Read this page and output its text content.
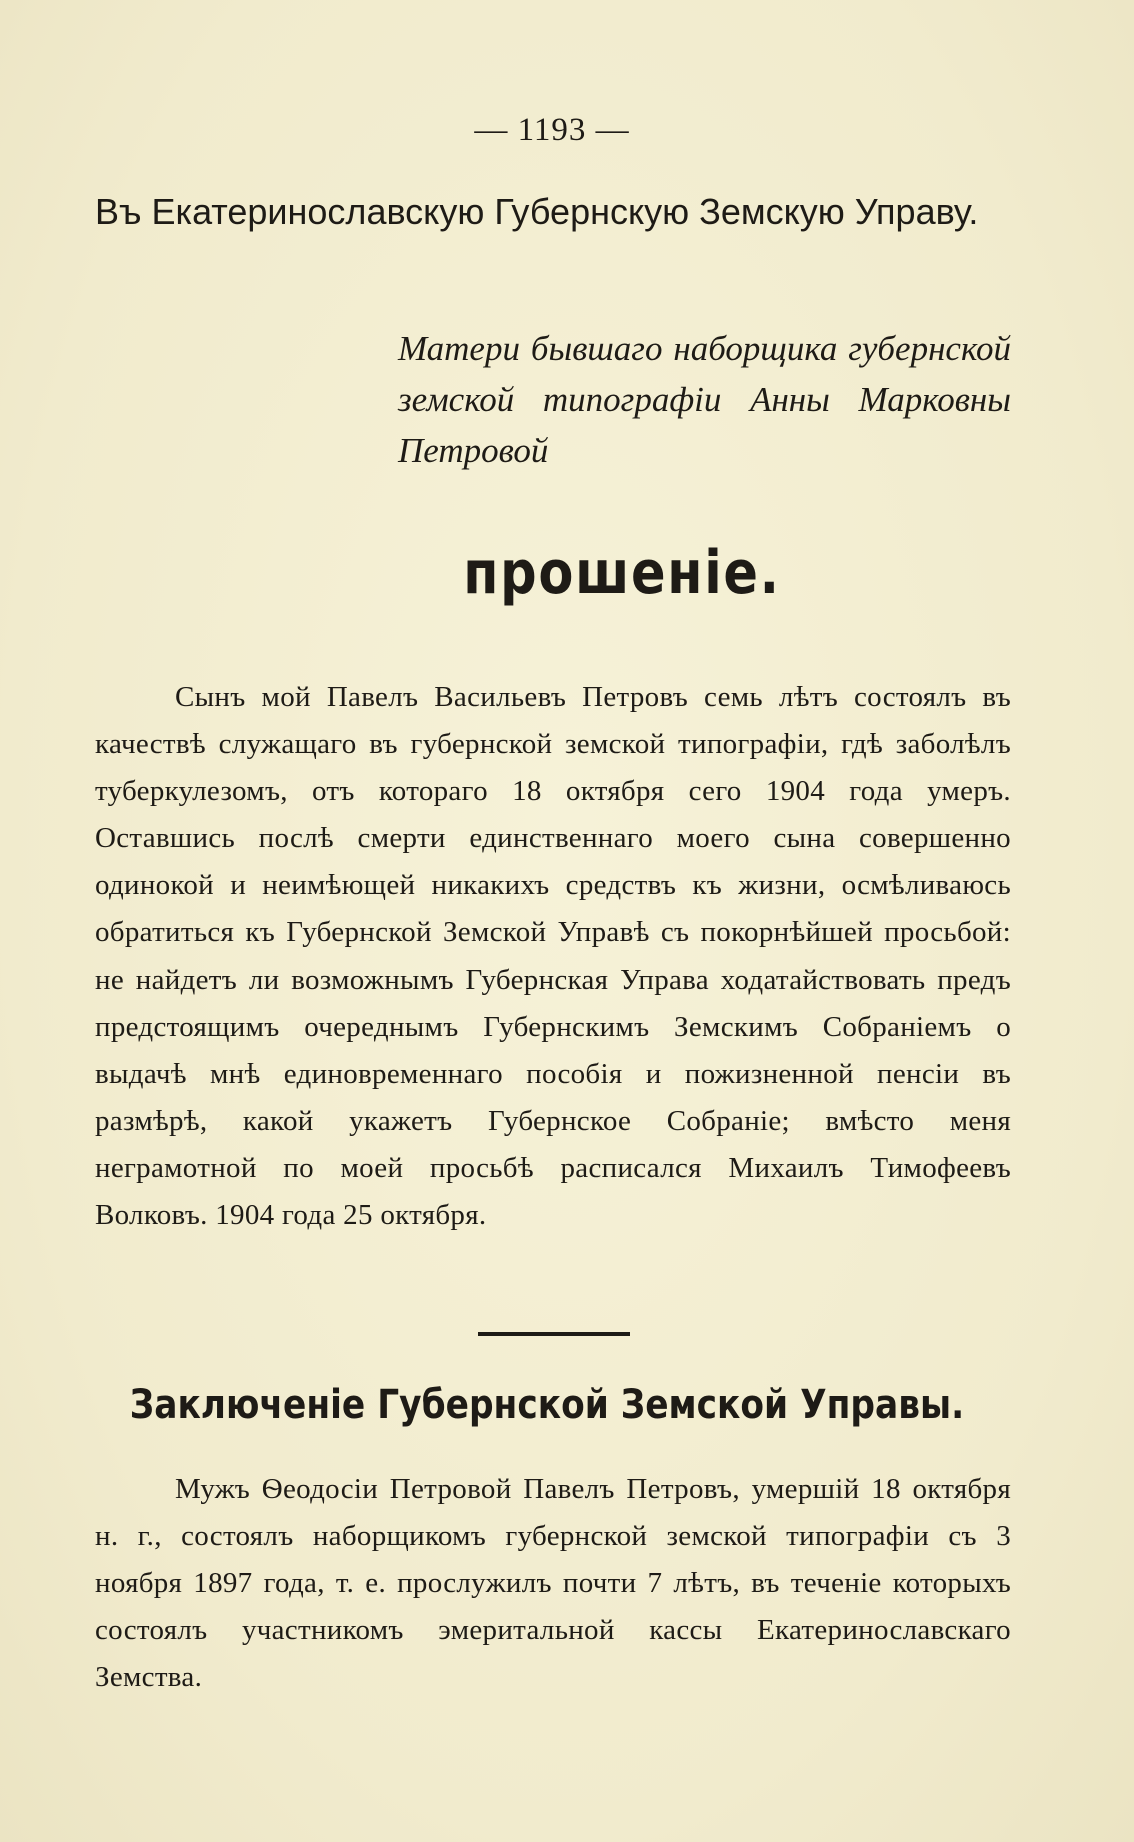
— 1193 —
Въ Екатеринославскую Губернскую Земскую Управу.
Матери бывшаго наборщика губернской земской типографіи Анны Марковны Петровой
прошеніе.
Сынъ мой Павелъ Васильевъ Петровъ семь лѣтъ состоялъ въ качествѣ служащаго въ губернской земской типографіи, гдѣ заболѣлъ туберкулезомъ, отъ котораго 18 октября сего 1904 года умеръ. Оставшись послѣ смерти единственнаго моего сына совершенно одинокой и неимѣющей никакихъ средствъ къ жизни, осмѣливаюсь обратиться къ Губернской Земской Управѣ съ покорнѣйшей просьбой: не найдетъ ли возможнымъ Губернская Управа ходатайствовать предъ предстоящимъ очереднымъ Губернскимъ Земскимъ Собраніемъ о выдачѣ мнѣ единовременнаго пособія и пожизненной пенсіи въ размѣрѣ, какой укажетъ Губернское Собраніе; вмѣсто меня неграмотной по моей просьбѣ расписался Михаилъ Тимофеевъ Волковъ. 1904 года 25 октября.
Заключеніе Губернской Земской Управы.
Мужъ Ѳеодосіи Петровой Павелъ Петровъ, умершій 18 октября н. г., состоялъ наборщикомъ губернской земской типографіи съ 3 ноября 1897 года, т. е. прослужилъ почти 7 лѣтъ, въ теченіе которыхъ состоялъ участникомъ эмеритальной кассы Екатеринославскаго Земства.
